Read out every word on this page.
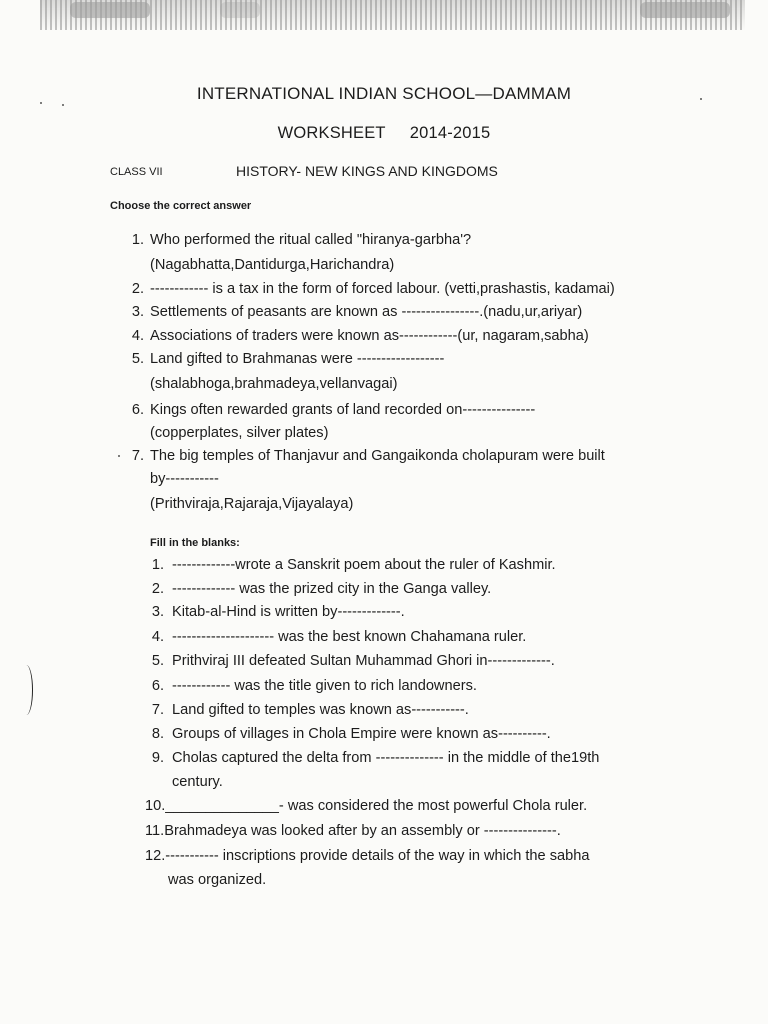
INTERNATIONAL INDIAN SCHOOL—DAMMAM
WORKSHEET 2014-2015
CLASS VII	HISTORY- NEW KINGS AND KINGDOMS
Choose the correct answer
1. Who performed the ritual called "hiranya-garbha'?
(Nagabhatta,Dantidurga,Harichandra)
2. ------------ is a tax in the form of forced labour. (vetti,prashastis, kadamai)
3. Settlements of peasants are known as ----------------.(nadu,ur,ariyar)
4. Associations of traders were known as------------(ur, nagaram,sabha)
5. Land gifted to Brahmanas were ------------------
(shalabhoga,brahmadeya,vellanvagai)
6. Kings often rewarded grants of land recorded on---------------
(copperplates, silver plates)
7. The big temples of Thanjavur and Gangaikonda cholapuram were built
by-----------
(Prithviraja,Rajaraja,Vijayalaya)
Fill in the blanks:
1. -------------wrote a Sanskrit poem about the ruler of Kashmir.
2. ------------- was the prized city in the Ganga valley.
3. Kitab-al-Hind is written by-------------.
4. --------------------- was the best known Chahamana ruler.
5. Prithviraj III defeated Sultan Muhammad Ghori in-------------.
6. ------------ was the title given to rich landowners.
7. Land gifted to temples was known as-----------.
8. Groups of villages in Chola Empire were known as----------.
9. Cholas captured the delta from -------------- in the middle of the19th
century.
10.______________- was considered the most powerful Chola ruler.
11.Brahmadeya was looked after by an assembly or ---------------.
12.----------- inscriptions provide details of the way in which the sabha
was organized.
